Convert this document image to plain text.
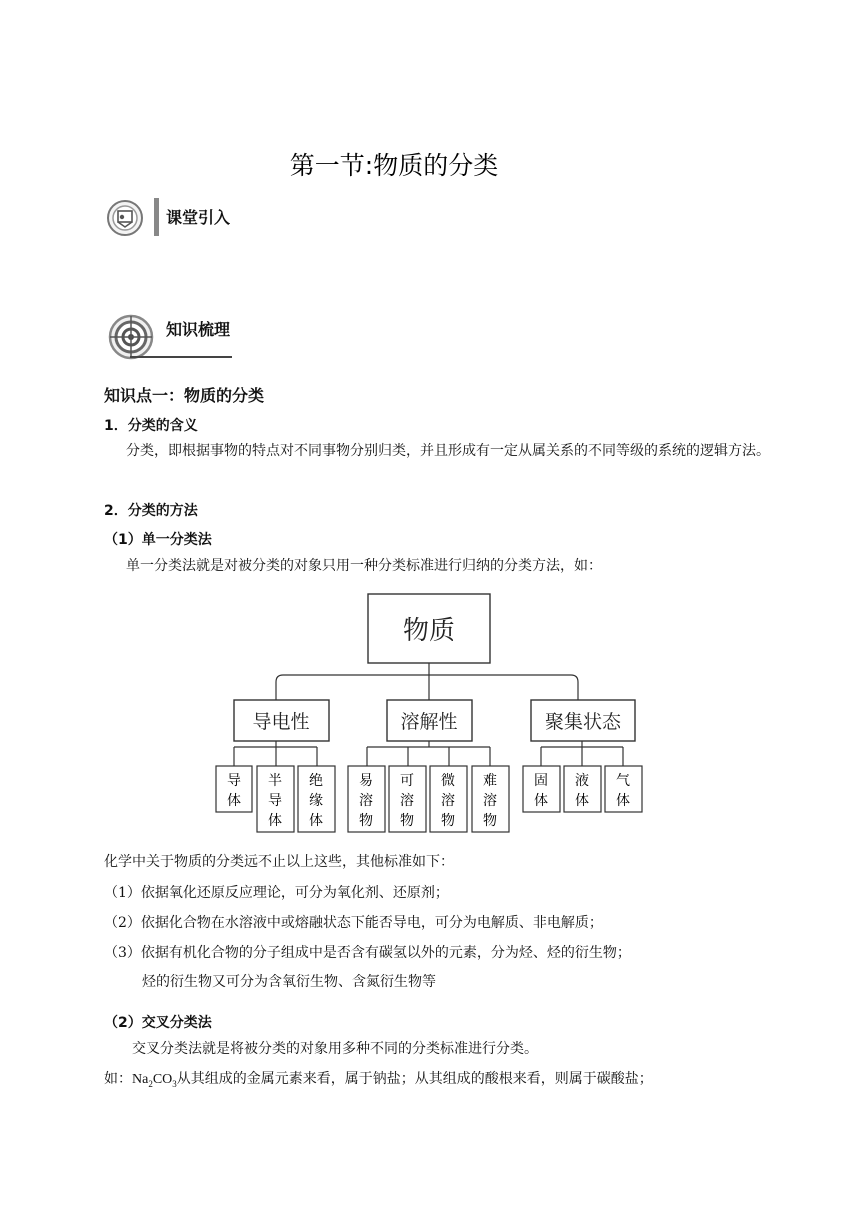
第一节:物质的分类
课堂引入
知识梳理
知识点一：物质的分类
1．分类的含义
分类，即根据事物的特点对不同事物分别归类，并且形成有一定从属关系的不同等级的系统的逻辑方法。
2．分类的方法
（1）单一分类法
单一分类法就是对被分类的对象只用一种分类标准进行归纳的分类方法，如：
物质
导电性	溶解性	聚集状态
导
体
半
导
体
绝
缘
体
易
溶
物
可
溶
物
微
溶
物
难
溶
物
固
体
液
体
气
体
化学中关于物质的分类远不止以上这些，其他标准如下：
（1）依据氧化还原反应理论，可分为氧化剂、还原剂；
（2）依据化合物在水溶液中或熔融状态下能否导电，可分为电解质、非电解质；
（3）依据有机化合物的分子组成中是否含有碳氢以外的元素，分为烃、烃的衍生物；
烃的衍生物又可分为含氧衍生物、含氮衍生物等
（2）交叉分类法
交叉分类法就是将被分类的对象用多种不同的分类标准进行分类。
如：$Na_2CO_3$从其组成的金属元素来看，属于钠盐；从其组成的酸根来看，则属于碳酸盐；
